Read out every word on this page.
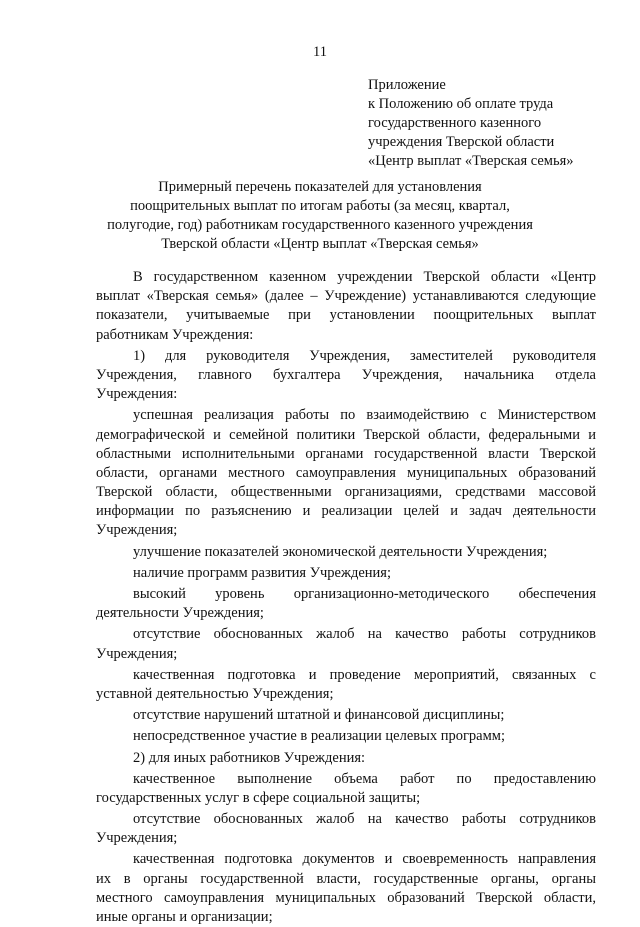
11
Приложение
к Положению об оплате труда
государственного казенного
учреждения Тверской области
«Центр выплат «Тверская семья»
Примерный перечень показателей для установления
поощрительных выплат по итогам работы (за месяц, квартал,
полугодие, год) работникам государственного казенного учреждения
Тверской области «Центр выплат «Тверская семья»
В государственном казенном учреждении Тверской области «Центр
выплат «Тверская семья» (далее – Учреждение) устанавливаются следующие
показатели, учитываемые при установлении поощрительных выплат
работникам Учреждения:
1) для руководителя Учреждения, заместителей руководителя
Учреждения, главного бухгалтера Учреждения, начальника отдела
Учреждения:
успешная реализация работы по взаимодействию с Министерством
демографической и семейной политики Тверской области, федеральными и
областными исполнительными органами государственной власти Тверской
области, органами местного самоуправления муниципальных образований
Тверской области, общественными организациями, средствами массовой
информации по разъяснению и реализации целей и задач деятельности
Учреждения;
улучшение показателей экономической деятельности Учреждения;
наличие программ развития Учреждения;
высокий уровень организационно-методического обеспечения
деятельности Учреждения;
отсутствие обоснованных жалоб на качество работы сотрудников
Учреждения;
качественная подготовка и проведение мероприятий, связанных с
уставной деятельностью Учреждения;
отсутствие нарушений штатной и финансовой дисциплины;
непосредственное участие в реализации целевых программ;
2) для иных работников Учреждения:
качественное выполнение объема работ по предоставлению
государственных услуг в сфере социальной защиты;
отсутствие обоснованных жалоб на качество работы сотрудников
Учреждения;
качественная подготовка документов и своевременность направления
их в органы государственной власти, государственные органы, органы
местного самоуправления муниципальных образований Тверской области,
иные органы и организации;
